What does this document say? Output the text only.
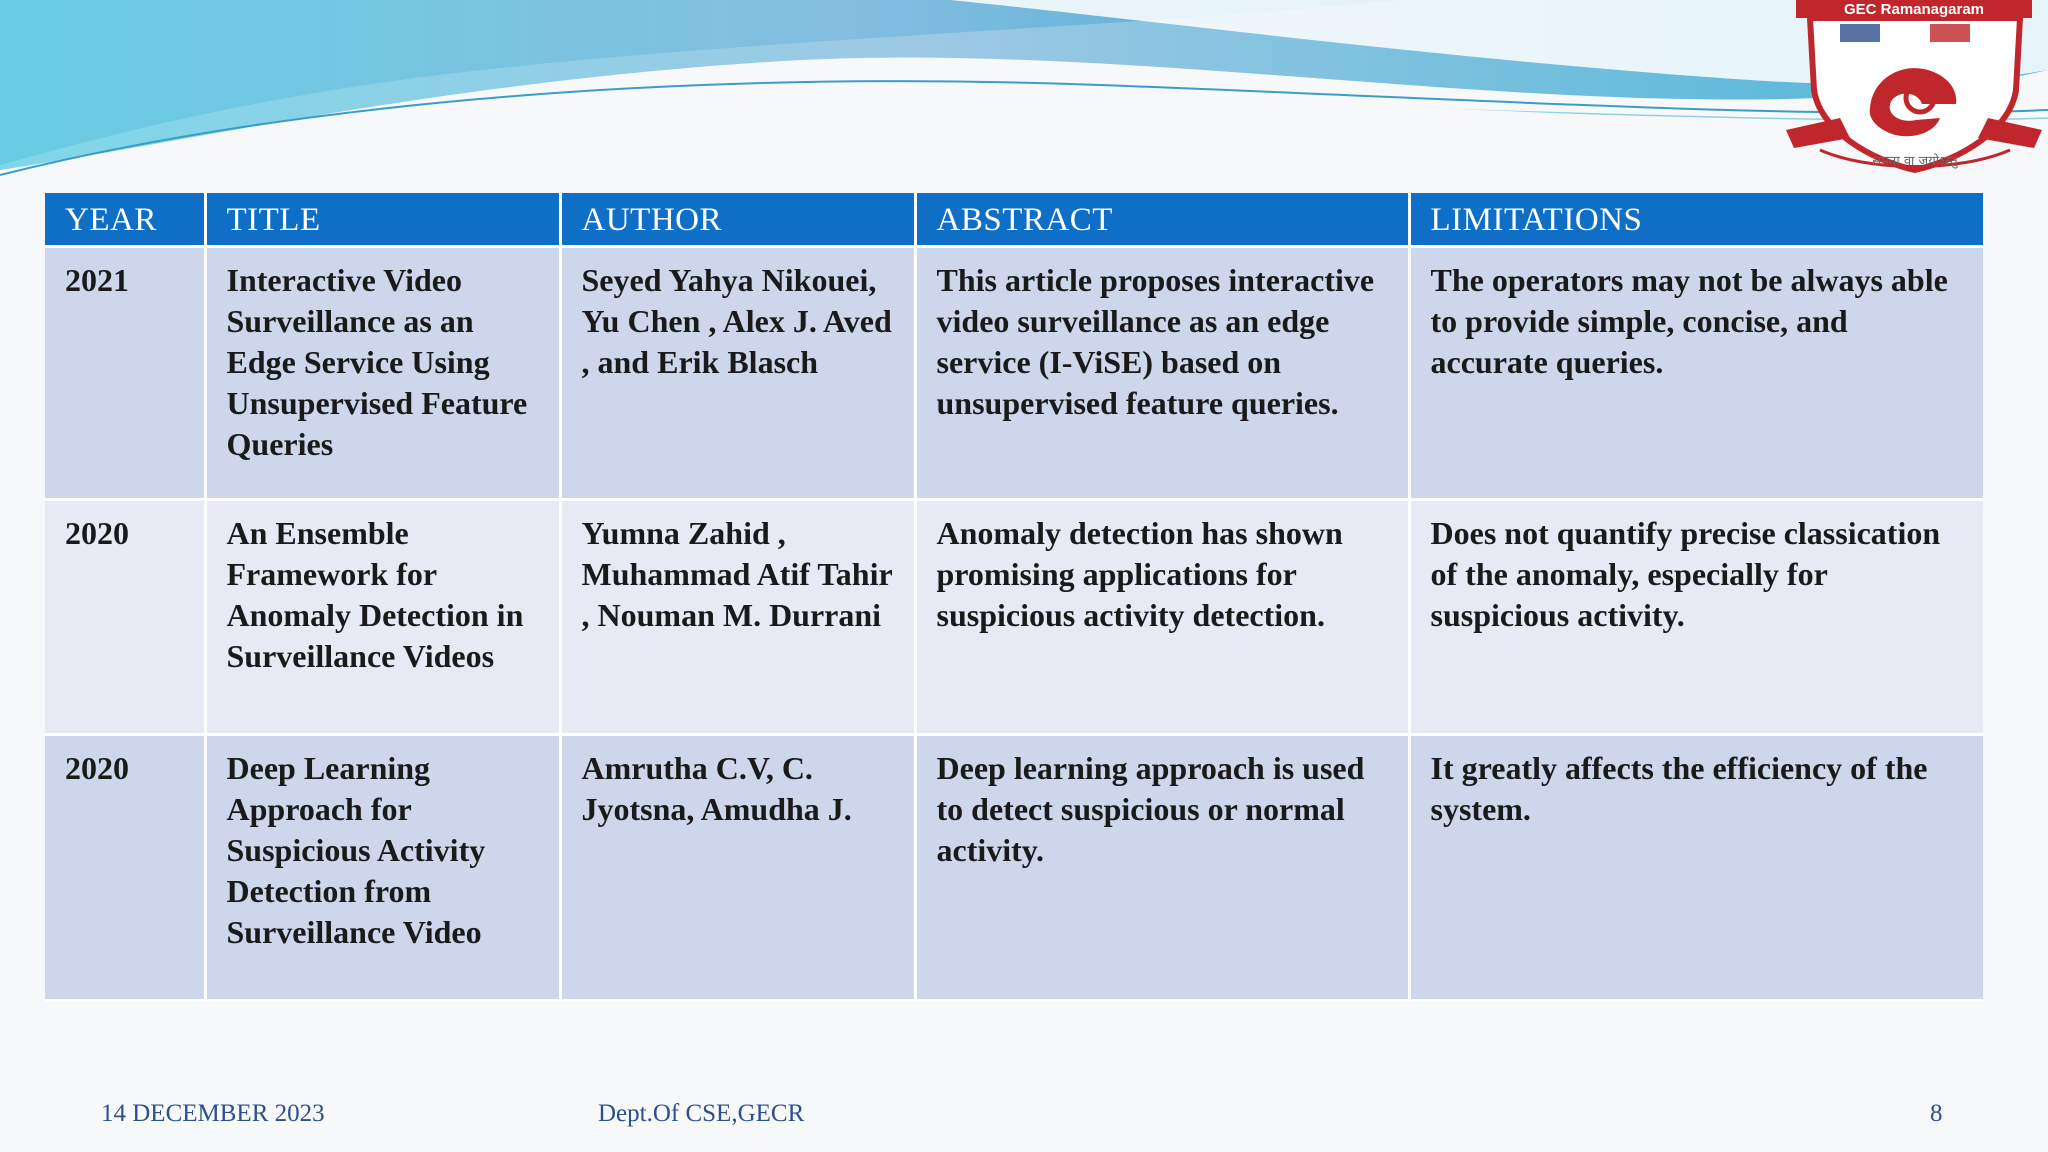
GEC Ramanagaram
समता वा जयोऽस्तु
YEAR	TITLE	AUTHOR	ABSTRACT	LIMITATIONS
2021	Interactive Video Surveillance as an Edge Service Using Unsupervised Feature Queries	Seyed Yahya Nikouei, Yu Chen , Alex J. Aved , and Erik Blasch	This article proposes interactive video surveillance as an edge service (I-ViSE) based on unsupervised feature queries.	The operators may not be always able to provide simple, concise, and accurate queries.
2020	An Ensemble Framework for Anomaly Detection in Surveillance Videos	Yumna Zahid , Muhammad Atif Tahir , Nouman M. Durrani	Anomaly detection has shown promising applications for suspicious activity detection.	Does not quantify precise classication of the anomaly, especially for suspicious activity.
2020	Deep Learning Approach for Suspicious Activity Detection from Surveillance Video	Amrutha C.V, C. Jyotsna, Amudha J.	Deep learning approach is used to detect suspicious or normal activity.	It greatly affects the efficiency of the system.
14 DECEMBER 2023	Dept.Of CSE,GECR	8
